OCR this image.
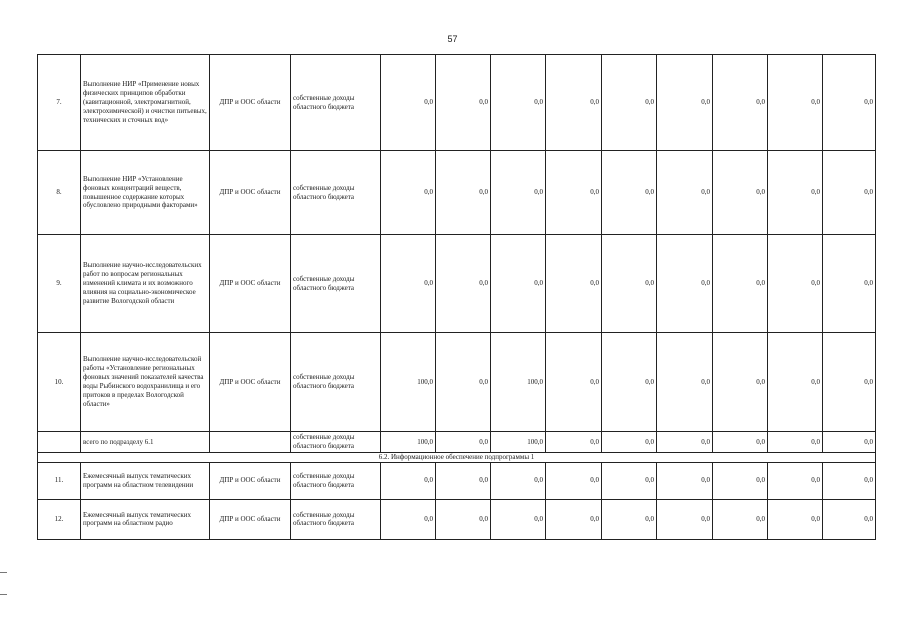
57
7.	Выполнение НИР «Применение новых физических принципов обработки (кавитационной, электромагнитной, электрохимической) и очистки питьевых, технических и сточных вод»	ДПР и ООС области	собственные доходы областного бюджета	0,0	0,0	0,0	0,0	0,0	0,0	0,0	0,0	0,0
8.	Выполнение НИР «Установление фоновых концентраций веществ, повышенное содержание которых обусловлено природными факторами»	ДПР и ООС области	собственные доходы областного бюджета	0,0	0,0	0,0	0,0	0,0	0,0	0,0	0,0	0,0
9.	Выполнение научно-исследовательских работ по вопросам региональных изменений климата и их возможного влияния на социально-экономическое развитие Вологодской области	ДПР и ООС области	собственные доходы областного бюджета	0,0	0,0	0,0	0,0	0,0	0,0	0,0	0,0	0,0
10.	Выполнение научно-исследовательской работы «Установление региональных фоновых значений показателей качества воды Рыбинского водохранилища и его притоков в пределах Вологодской области»	ДПР и ООС области	собственные доходы областного бюджета	100,0	0,0	100,0	0,0	0,0	0,0	0,0	0,0	0,0
	всего по подразделу 6.1		собственные доходы областного бюджета	100,0	0,0	100,0	0,0	0,0	0,0	0,0	0,0	0,0
6.2. Информационное обеспечение подпрограммы 1												
11.	Ежемесячный выпуск тематических программ на областном телевидении	ДПР и ООС области	собственные доходы областного бюджета	0,0	0,0	0,0	0,0	0,0	0,0	0,0	0,0	0,0
12.	Ежемесячный выпуск тематических программ на областном радио	ДПР и ООС области	собственные доходы областного бюджета	0,0	0,0	0,0	0,0	0,0	0,0	0,0	0,0	0,0
